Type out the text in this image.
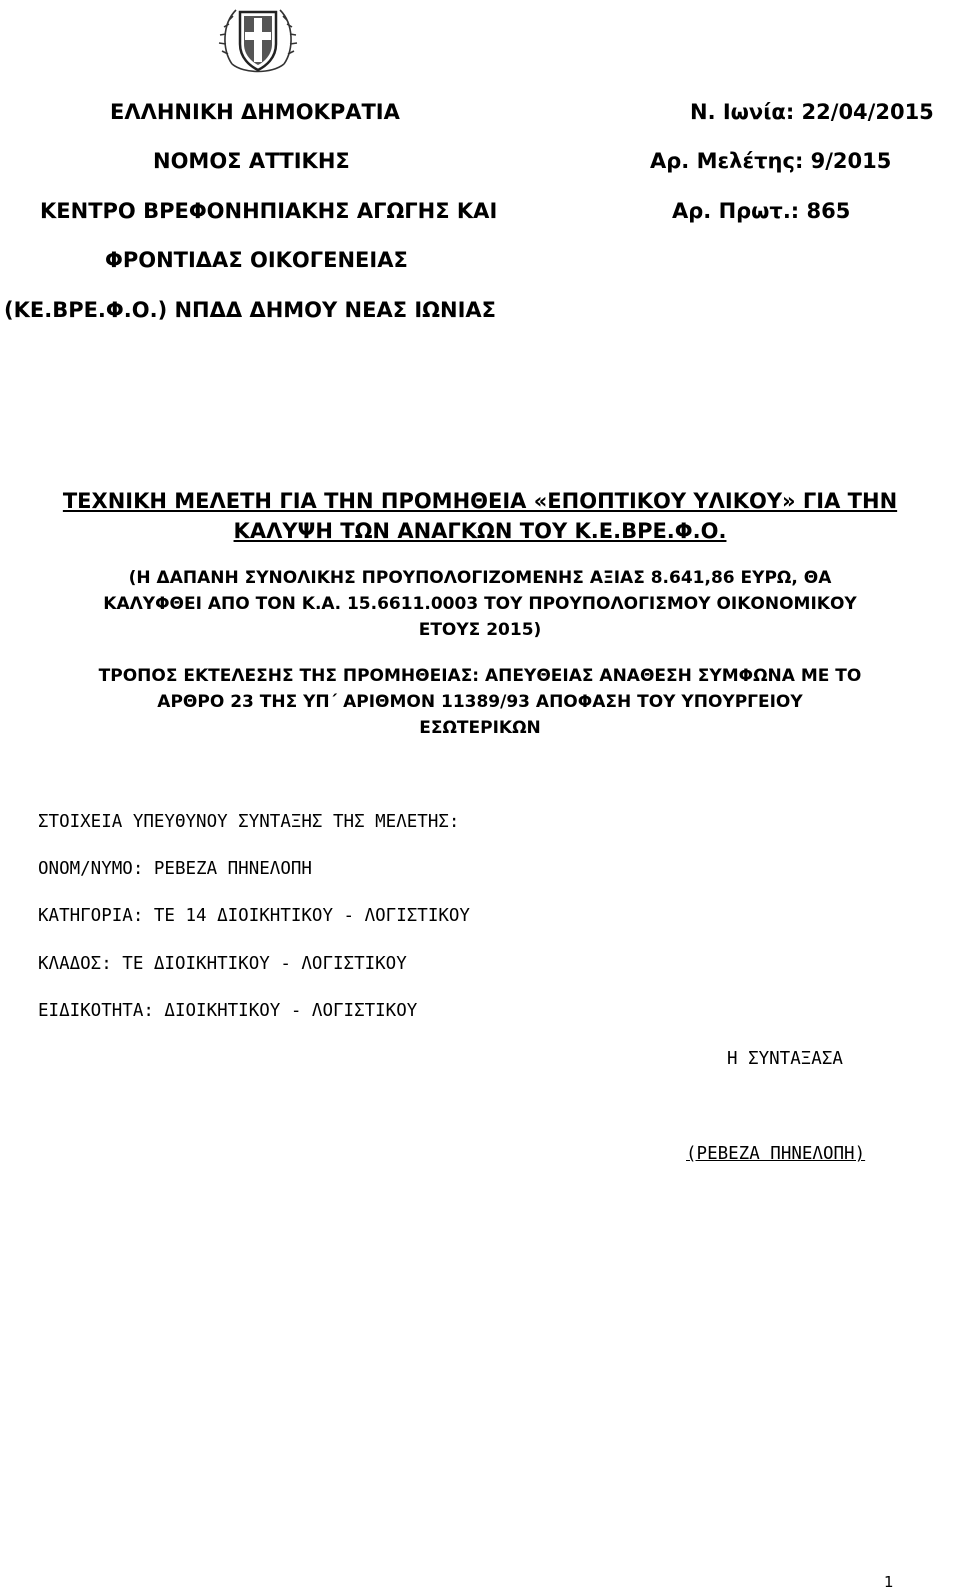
ΕΛΛΗΝΙΚΗ ΔΗΜΟΚΡΑΤΙΑ
ΝΟΜΟΣ ΑΤΤΙΚΗΣ
ΚΕΝΤΡΟ ΒΡΕΦΟΝΗΠΙΑΚΗΣ ΑΓΩΓΗΣ ΚΑΙ
ΦΡΟΝΤΙΔΑΣ ΟΙΚΟΓΕΝΕΙΑΣ
(ΚΕ.ΒΡΕ.Φ.Ο.) ΝΠΔΔ ΔΗΜΟΥ ΝΕΑΣ ΙΩΝΙΑΣ
Ν. Ιωνία: 22/04/2015
Αρ. Μελέτης: 9/2015
Αρ. Πρωτ.: 865
ΤΕΧΝΙΚΗ ΜΕΛΕΤΗ ΓΙΑ ΤΗΝ ΠΡΟΜΗΘΕΙΑ «ΕΠΟΠΤΙΚΟΥ ΥΛΙΚΟΥ» ΓΙΑ ΤΗΝ
ΚΑΛΥΨΗ ΤΩΝ ΑΝΑΓΚΩΝ ΤΟΥ Κ.Ε.ΒΡΕ.Φ.Ο.
(Η ΔΑΠΑΝΗ ΣΥΝΟΛΙΚΗΣ ΠΡΟΥΠΟΛΟΓΙΖΟΜΕΝΗΣ ΑΞΙΑΣ 8.641,86 ΕΥΡΩ, ΘΑ
ΚΑΛΥΦΘΕΙ ΑΠΟ ΤΟΝ Κ.Α. 15.6611.0003 ΤΟΥ ΠΡΟΥΠΟΛΟΓΙΣΜΟΥ ΟΙΚΟΝΟΜΙΚΟΥ
ΕΤΟΥΣ 2015)
ΤΡΟΠΟΣ ΕΚΤΕΛΕΣΗΣ ΤΗΣ ΠΡΟΜΗΘΕΙΑΣ: ΑΠΕΥΘΕΙΑΣ ΑΝΑΘΕΣΗ ΣΥΜΦΩΝΑ ΜΕ ΤΟ
ΑΡΘΡΟ 23 ΤΗΣ ΥΠ΄ ΑΡΙΘΜΟΝ 11389/93 ΑΠΟΦΑΣΗ ΤΟΥ ΥΠΟΥΡΓΕΙΟΥ
ΕΣΩΤΕΡΙΚΩΝ
ΣΤΟΙΧΕΙΑ ΥΠΕΥΘΥΝΟΥ ΣΥΝΤΑΞΗΣ ΤΗΣ ΜΕΛΕΤΗΣ:
ΟΝΟΜ/ΝΥΜΟ: ΡΕΒΕΖΑ ΠΗΝΕΛΟΠΗ
ΚΑΤΗΓΟΡΙΑ: ΤΕ 14 ΔΙΟΙΚΗΤΙΚΟΥ - ΛΟΓΙΣΤΙΚΟΥ
ΚΛΑΔΟΣ: ΤΕ ΔΙΟΙΚΗΤΙΚΟΥ - ΛΟΓΙΣΤΙΚΟΥ
ΕΙΔΙΚΟΤΗΤΑ: ΔΙΟΙΚΗΤΙΚΟΥ - ΛΟΓΙΣΤΙΚΟΥ
Η ΣΥΝΤΑΞΑΣΑ
(ΡΕΒΕΖΑ ΠΗΝΕΛΟΠΗ)
1
